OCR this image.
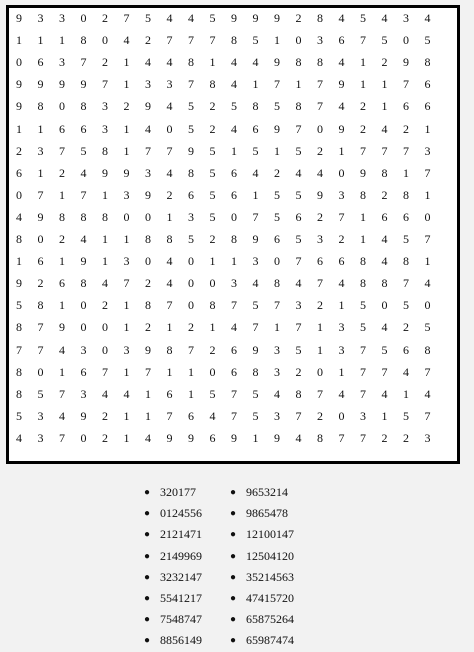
9 3 3 0 2 7 5 4 4 5 9 9 9 2 8 4 5 4 3 4
1 1 1 8 0 4 2 7 7 7 8 5 1 0 3 6 7 5 0 5
0 6 3 7 2 1 4 4 8 1 4 4 9 8 8 4 1 2 9 8
9 9 9 9 7 1 3 3 7 8 4 1 7 1 7 9 1 1 7 6
9 8 0 8 3 2 9 4 5 2 5 8 5 8 7 4 2 1 6 6
1 1 6 6 3 1 4 0 5 2 4 6 9 7 0 9 2 4 2 1
2 3 7 5 8 1 7 7 9 5 1 5 1 5 2 1 7 7 7 3
6 1 2 4 9 9 3 4 8 5 6 4 2 4 4 0 9 8 1 7
0 7 1 7 1 3 9 2 6 5 6 1 5 5 9 3 8 2 8 1
4 9 8 8 8 0 0 1 3 5 0 7 5 6 2 7 1 6 6 0
8 0 2 4 1 1 8 8 5 2 8 9 6 5 3 2 1 4 5 7
1 6 1 9 1 3 0 4 0 1 1 3 0 7 6 6 8 4 8 1
9 2 6 8 4 7 2 4 0 0 3 4 8 4 7 4 8 8 7 4
5 8 1 0 2 1 8 7 0 8 7 5 7 3 2 1 5 0 5 0
8 7 9 0 0 1 2 1 2 1 4 7 1 7 1 3 5 4 2 5
7 7 4 3 0 3 9 8 7 2 6 9 3 5 1 3 7 5 6 8
8 0 1 6 7 1 7 1 1 0 6 8 3 2 0 1 7 7 4 7
8 5 7 3 4 4 1 6 1 5 7 5 4 8 7 4 7 4 1 4
5 3 4 9 2 1 1 7 6 4 7 5 3 7 2 0 3 1 5 7
4 3 7 0 2 1 4 9 9 6 9 1 9 4 8 7 7 2 2 3
● 320177
● 0124556
● 2121471
● 2149969
● 3232147
● 5541217
● 7548747
● 8856149
● 9653214
● 9865478
● 12100147
● 12504120
● 35214563
● 47415720
● 65875264
● 65987474
